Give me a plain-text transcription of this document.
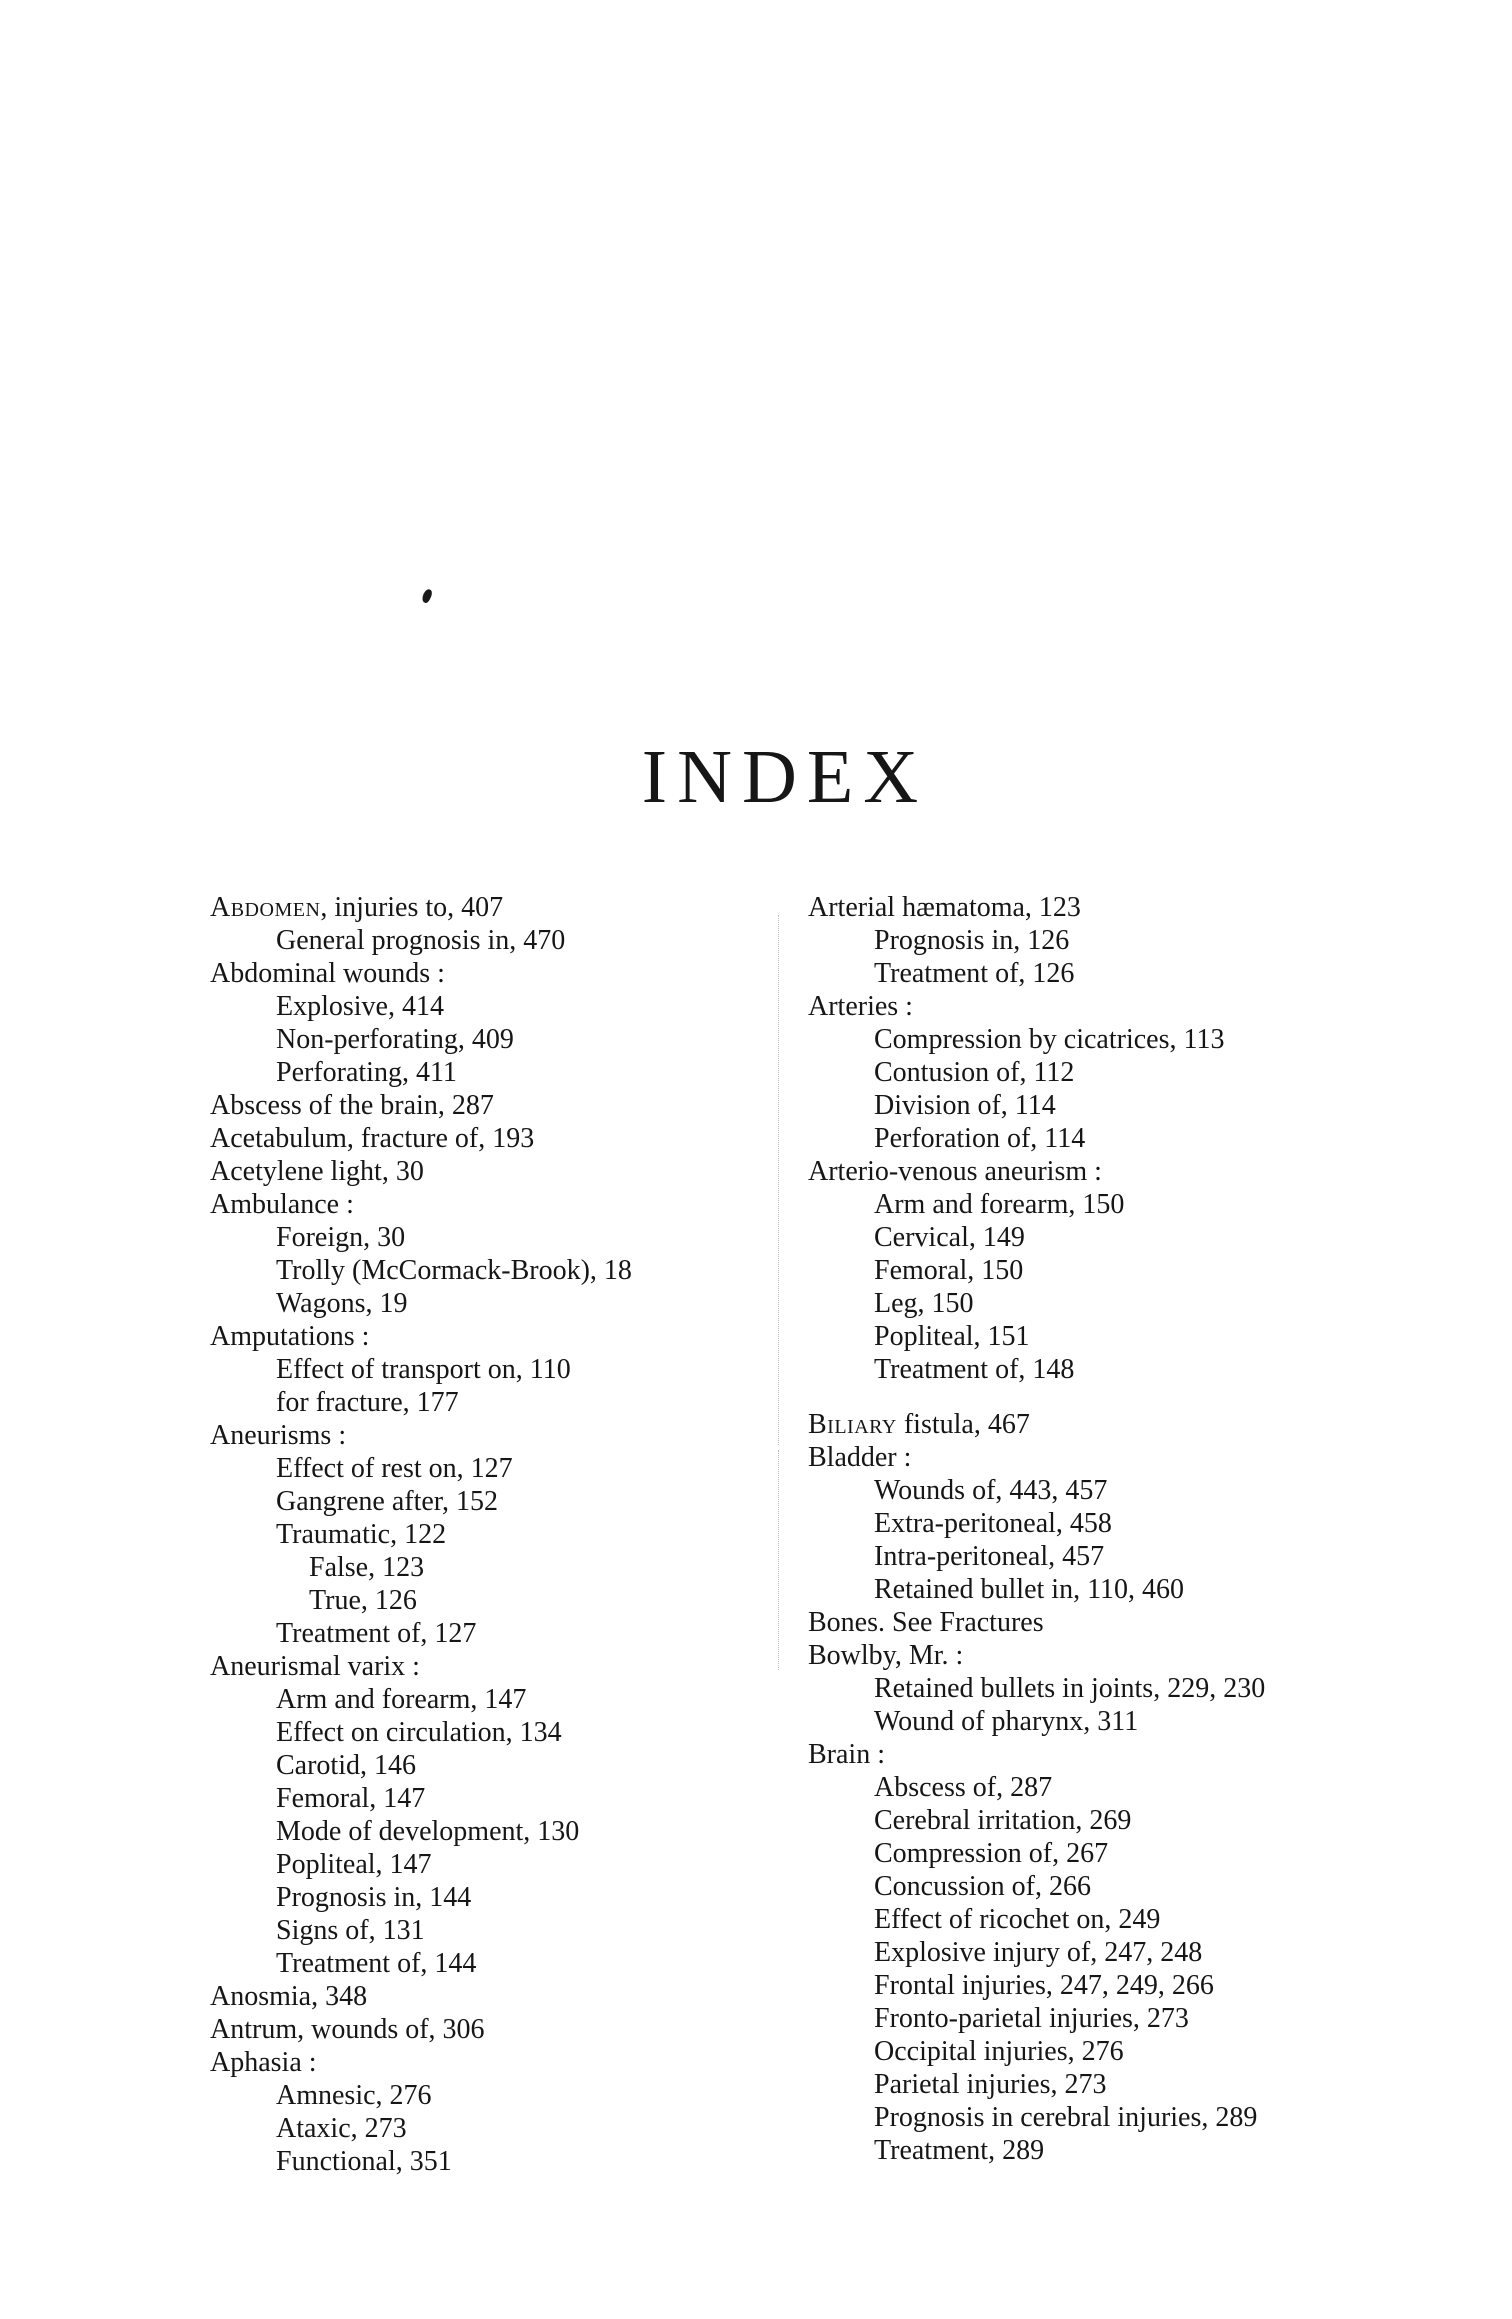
INDEX
Abdomen, injuries to, 407
General prognosis in, 470
Abdominal wounds :
Explosive, 414
Non-perforating, 409
Perforating, 411
Abscess of the brain, 287
Acetabulum, fracture of, 193
Acetylene light, 30
Ambulance :
Foreign, 30
Trolly (McCormack-Brook), 18
Wagons, 19
Amputations :
Effect of transport on, 110
for fracture, 177
Aneurisms :
Effect of rest on, 127
Gangrene after, 152
Traumatic, 122
False, 123
True, 126
Treatment of, 127
Aneurismal varix :
Arm and forearm, 147
Effect on circulation, 134
Carotid, 146
Femoral, 147
Mode of development, 130
Popliteal, 147
Prognosis in, 144
Signs of, 131
Treatment of, 144
Anosmia, 348
Antrum, wounds of, 306
Aphasia :
Amnesic, 276
Ataxic, 273
Functional, 351
Arterial hæmatoma, 123
Prognosis in, 126
Treatment of, 126
Arteries :
Compression by cicatrices, 113
Contusion of, 112
Division of, 114
Perforation of, 114
Arterio-venous aneurism :
Arm and forearm, 150
Cervical, 149
Femoral, 150
Leg, 150
Popliteal, 151
Treatment of, 148
Biliary fistula, 467
Bladder :
Wounds of, 443, 457
Extra-peritoneal, 458
Intra-peritoneal, 457
Retained bullet in, 110, 460
Bones. See Fractures
Bowlby, Mr. :
Retained bullets in joints, 229, 230
Wound of pharynx, 311
Brain :
Abscess of, 287
Cerebral irritation, 269
Compression of, 267
Concussion of, 266
Effect of ricochet on, 249
Explosive injury of, 247, 248
Frontal injuries, 247, 249, 266
Fronto-parietal injuries, 273
Occipital injuries, 276
Parietal injuries, 273
Prognosis in cerebral injuries, 289
Treatment, 289
